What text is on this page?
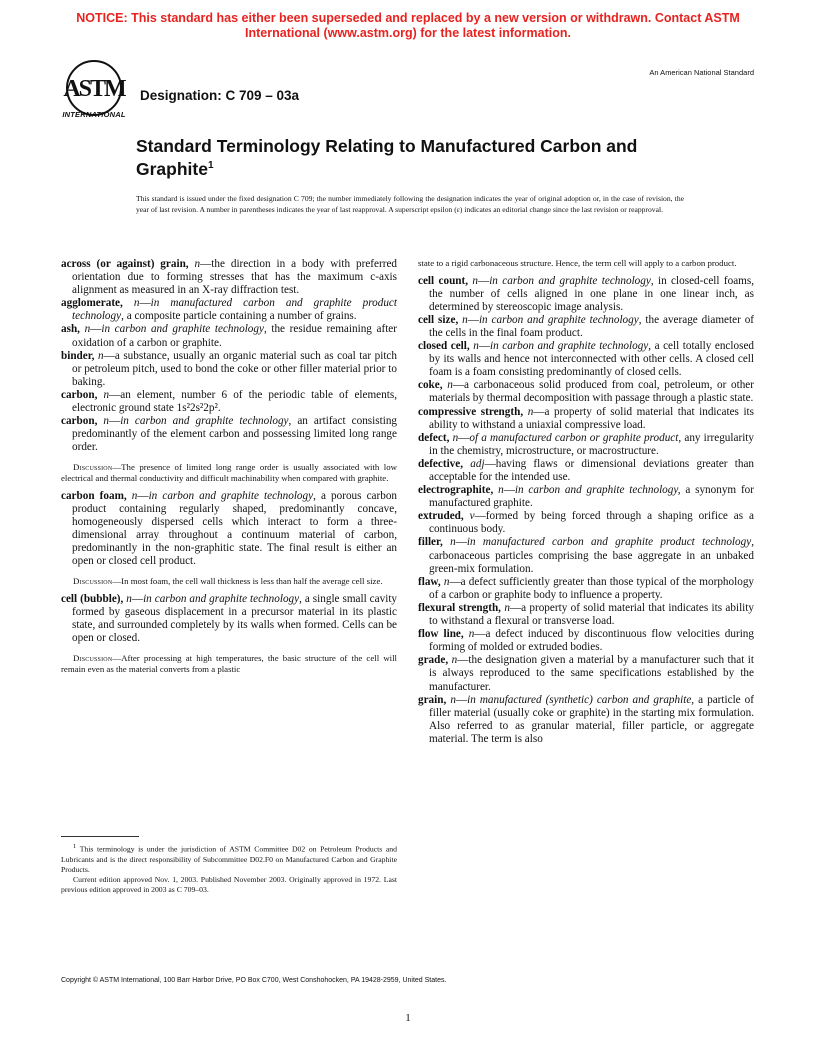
NOTICE: This standard has either been superseded and replaced by a new version or withdrawn. Contact ASTM International (www.astm.org) for the latest information.
ASTM
INTERNATIONAL
Designation: C 709 – 03a
An American National Standard
Standard Terminology Relating to Manufactured Carbon and Graphite$^1$
This standard is issued under the fixed designation C 709; the number immediately following the designation indicates the year of original adoption or, in the case of revision, the year of last revision. A number in parentheses indicates the year of last reapproval. A superscript epsilon (ε) indicates an editorial change since the last revision or reapproval.

across (or against) grain, n—the direction in a body with preferred orientation due to forming stresses that has the maximum c-axis alignment as measured in an X-ray diffraction test.

agglomerate, n—in manufactured carbon and graphite product technology, a composite particle containing a number of grains.

ash, n—in carbon and graphite technology, the residue remaining after oxidation of a carbon or graphite.

binder, n—a substance, usually an organic material such as coal tar pitch or petroleum pitch, used to bond the coke or other filler material prior to baking.

carbon, n—an element, number 6 of the periodic table of elements, electronic ground state 1s²2s²2p².

carbon, n—in carbon and graphite technology, an artifact consisting predominantly of the element carbon and possessing limited long range order.

Discussion—The presence of limited long range order is usually associated with low electrical and thermal conductivity and difficult machinability when compared with graphite.

carbon foam, n—in carbon and graphite technology, a porous carbon product containing regularly shaped, predominantly concave, homogeneously dispersed cells which interact to form a three-dimensional array throughout a continuum material of carbon, predominantly in the non-graphitic state. The final result is either an open or closed cell product.

Discussion—In most foam, the cell wall thickness is less than half the average cell size.

cell (bubble), n—in carbon and graphite technology, a single small cavity formed by gaseous displacement in a precursor material in its plastic state, and surrounded completely by its walls when formed. Cells can be open or closed.

Discussion—After processing at high temperatures, the basic structure of the cell will remain even as the material converts from a plastic

state to a rigid carbonaceous structure. Hence, the term cell will apply to a carbon product.

cell count, n—in carbon and graphite technology, in closed-cell foams, the number of cells aligned in one plane in one linear inch, as determined by stereoscopic image analysis.

cell size, n—in carbon and graphite technology, the average diameter of the cells in the final foam product.

closed cell, n—in carbon and graphite technology, a cell totally enclosed by its walls and hence not interconnected with other cells. A closed cell foam is a foam consisting predominantly of closed cells.

coke, n—a carbonaceous solid produced from coal, petroleum, or other materials by thermal decomposition with passage through a plastic state.

compressive strength, n—a property of solid material that indicates its ability to withstand a uniaxial compressive load.

defect, n—of a manufactured carbon or graphite product, any irregularity in the chemistry, microstructure, or macrostructure.

defective, adj—having flaws or dimensional deviations greater than acceptable for the intended use.

electrographite, n—in carbon and graphite technology, a synonym for manufactured graphite.

extruded, v—formed by being forced through a shaping orifice as a continuous body.

filler, n—in manufactured carbon and graphite product technology, carbonaceous particles comprising the base aggregate in an unbaked green-mix formulation.

flaw, n—a defect sufficiently greater than those typical of the morphology of a carbon or graphite body to influence a property.

flexural strength, n—a property of solid material that indicates its ability to withstand a flexural or transverse load.

flow line, n—a defect induced by discontinuous flow velocities during forming of molded or extruded bodies.

grade, n—the designation given a material by a manufacturer such that it is always reproduced to the same specifications established by the manufacturer.

grain, n—in manufactured (synthetic) carbon and graphite, a particle of filler material (usually coke or graphite) in the starting mix formulation. Also referred to as granular material, filler particle, or aggregate material. The term is also

$^1$ This terminology is under the jurisdiction of ASTM Committee D02 on Petroleum Products and Lubricants and is the direct responsibility of Subcommittee D02.F0 on Manufactured Carbon and Graphite Products.

Current edition approved Nov. 1, 2003. Published November 2003. Originally approved in 1972. Last previous edition approved in 2003 as C 709–03.

Copyright © ASTM International, 100 Barr Harbor Drive, PO Box C700, West Conshohocken, PA 19428-2959, United States.
1
